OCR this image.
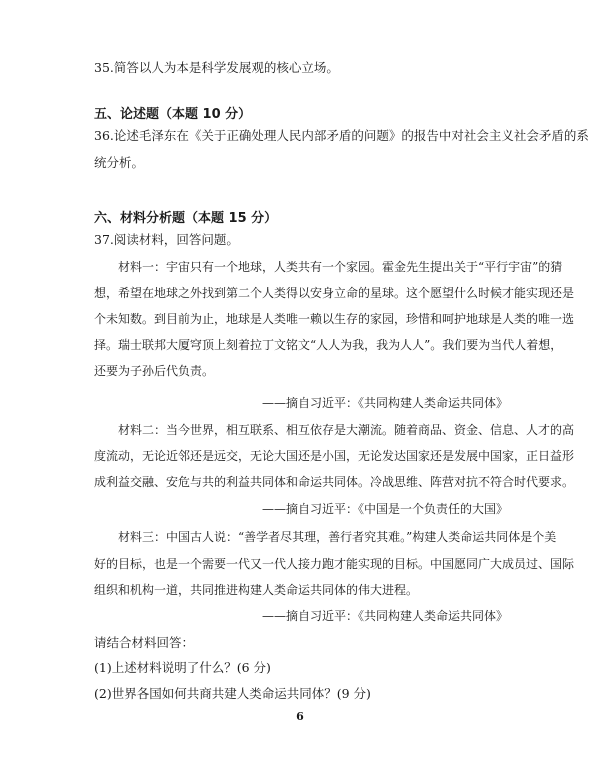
35.简答以人为本是科学发展观的核心立场。
五、论述题（本题 10 分）
36.论述毛泽东在《关于正确处理人民内部矛盾的问题》的报告中对社会主义社会矛盾的系
统分析。
六、材料分析题（本题 15 分）
37.阅读材料，回答问题。
材料一：宇宙只有一个地球，人类共有一个家园。霍金先生提出关于“平行宇宙”的猜
想，希望在地球之外找到第二个人类得以安身立命的星球。这个愿望什么时候才能实现还是
个未知数。到目前为止，地球是人类唯一赖以生存的家园，珍惜和呵护地球是人类的唯一选
择。瑞士联邦大厦穹顶上刻着拉丁文铭文“人人为我，我为人人”。我们要为当代人着想，
还要为子孙后代负责。
——摘自习近平：《共同构建人类命运共同体》
材料二：当今世界，相互联系、相互依存是大潮流。随着商品、资金、信息、人才的高
度流动，无论近邻还是远交，无论大国还是小国，无论发达国家还是发展中国家，正日益形
成利益交融、安危与共的利益共同体和命运共同体。冷战思维、阵营对抗不符合时代要求。
——摘自习近平：《中国是一个负责任的大国》
材料三：中国古人说：“善学者尽其理，善行者究其难。”构建人类命运共同体是个美
好的目标，也是一个需要一代又一代人接力跑才能实现的目标。中国愿同广大成员过、国际
组织和机构一道，共同推进构建人类命运共同体的伟大进程。
——摘自习近平：《共同构建人类命运共同体》
请结合材料回答：
(1)上述材料说明了什么？(6 分)
(2)世界各国如何共商共建人类命运共同体？(9 分)
6
